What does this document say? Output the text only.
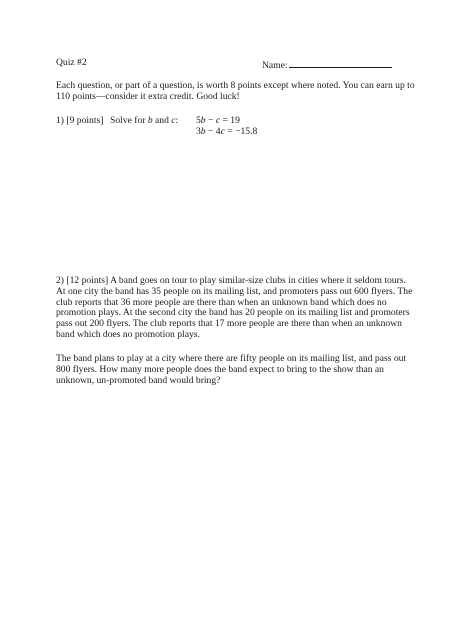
Quiz #2	Name:

Each question, or part of a question, is worth 8 points except where noted. You can earn up to 110 points—consider it extra credit. Good luck!

1) [9 points] Solve for b and c: 5b − c = 19
3b − 4c = −15.8

2) [12 points] A band goes on tour to play similar-size clubs in cities where it seldom tours. At one city the band has 35 people on its mailing list, and promoters pass out 600 flyers. The club reports that 36 more people are there than when an unknown band which does no promotion plays. At the second city the band has 20 people on its mailing list and promoters pass out 200 flyers. The club reports that 17 more people are there than when an unknown band which does no promotion plays.

The band plans to play at a city where there are fifty people on its mailing list, and pass out 800 flyers. How many more people does the band expect to bring to the show than an unknown, un-promoted band would bring?
